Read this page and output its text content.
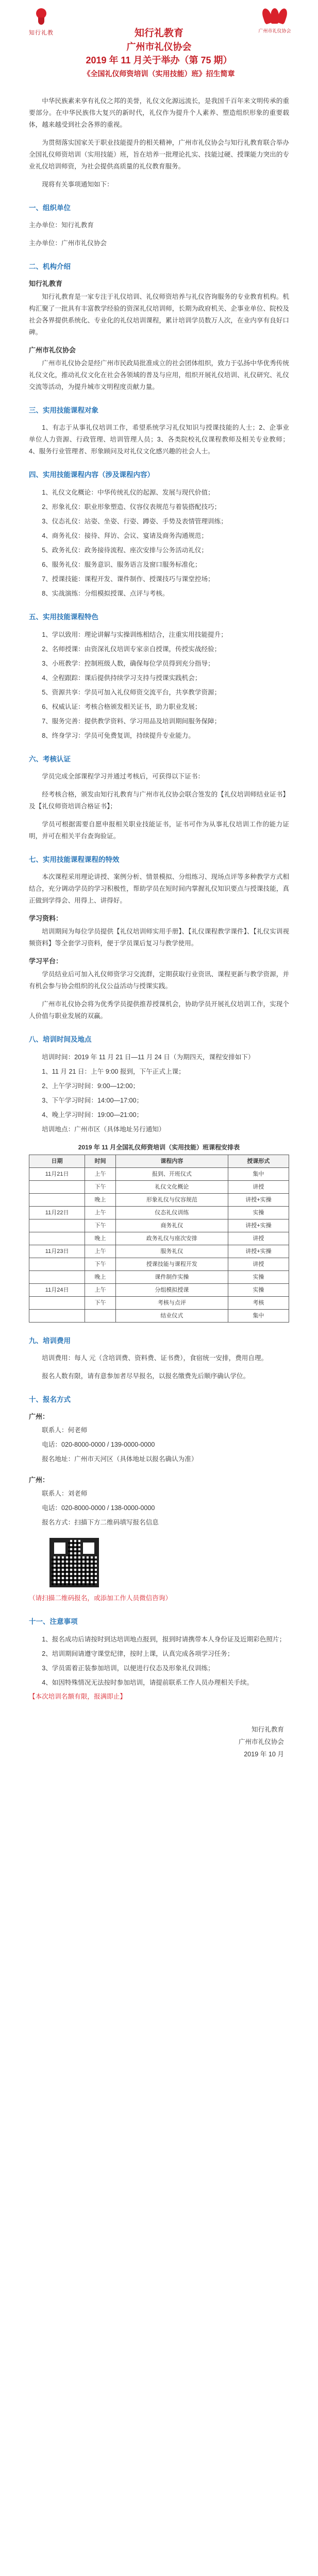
知行礼教	广州市礼仪协会
知行礼教育
广州市礼仪协会
2019 年 11 月关于举办（第 75 期）
《全国礼仪师资培训（实用技能）班》招生简章

中华民族素来享有礼仪之邦的美誉，礼仪文化源远流长，是我国千百年来文明传承的重要部分。在中华民族伟大复兴的新时代，礼仪作为提升个人素养、塑造组织形象的重要载体，越来越受到社会各界的重视。

为贯彻落实国家关于职业技能提升的相关精神，广州市礼仪协会与知行礼教育联合举办全国礼仪师资培训（实用技能）班，旨在培养一批理论扎实、技能过硬、授课能力突出的专业礼仪培训师资，为社会提供高质量的礼仪教育服务。

现将有关事项通知如下：

一、组织单位

主办单位：知行礼教育

主办单位：广州市礼仪协会

二、机构介绍
知行礼教育

知行礼教育是一家专注于礼仪培训、礼仪师资培养与礼仪咨询服务的专业教育机构。机构汇聚了一批具有丰富教学经验的资深礼仪培训师，长期为政府机关、企事业单位、院校及社会各界提供系统化、专业化的礼仪培训课程，累计培训学员数万人次，在业内享有良好口碑。

广州市礼仪协会

广州市礼仪协会是经广州市民政局批准成立的社会团体组织，致力于弘扬中华优秀传统礼仪文化，推动礼仪文化在社会各领域的普及与应用，组织开展礼仪培训、礼仪研究、礼仪交流等活动，为提升城市文明程度贡献力量。

三、实用技能课程对象

1、有志于从事礼仪培训工作，希望系统学习礼仪知识与授课技能的人士；2、企事业单位人力资源、行政管理、培训管理人员；3、各类院校礼仪课程教师及相关专业教师；4、服务行业管理者、形象顾问及对礼仪文化感兴趣的社会人士。

四、实用技能课程内容（涉及课程内容）
1、礼仪文化概论：中华传统礼仪的起源、发展与现代价值；
2、形象礼仪：职业形象塑造、仪容仪表规范与着装搭配技巧；
3、仪态礼仪：站姿、坐姿、行姿、蹲姿、手势及表情管理训练；
4、商务礼仪：接待、拜访、会议、宴请及商务沟通规范；
5、政务礼仪：政务接待流程、座次安排与公务活动礼仪；
6、服务礼仪：服务意识、服务语言及窗口服务标准化；
7、授课技能：课程开发、课件制作、授课技巧与课堂控场；
8、实战演练：分组模拟授课、点评与考核。
五、实用技能课程特色
1、学以致用：理论讲解与实操训练相结合，注重实用技能提升；
2、名师授课：由资深礼仪培训专家亲自授课，传授实战经验；
3、小班教学：控制班级人数，确保每位学员得到充分指导；
4、全程跟踪：课后提供持续学习支持与授课实践机会；
5、资源共享：学员可加入礼仪师资交流平台，共享教学资源；
6、权威认证：考核合格颁发相关证书，助力职业发展；
7、服务完善：提供教学资料、学习用品及培训期间服务保障；
8、终身学习：学员可免费复训，持续提升专业能力。
六、考核认证

学员完成全部课程学习并通过考核后，可获得以下证书：

经考核合格，颁发由知行礼教育与广州市礼仪协会联合签发的【礼仪培训师结业证书】及【礼仪师资培训合格证书】；

学员可根据需要自愿申报相关职业技能证书，证书可作为从事礼仪培训工作的能力证明，并可在相关平台查询验证。

七、实用技能课程课程的特效

本次课程采用理论讲授、案例分析、情景模拟、分组练习、现场点评等多种教学方式相结合，充分调动学员的学习积极性，帮助学员在短时间内掌握礼仪知识要点与授课技能，真正做到学得会、用得上、讲得好。

学习资料：

培训期间为每位学员提供【礼仪培训师实用手册】、【礼仪课程教学课件】、【礼仪实训视频资料】等全套学习资料，便于学员课后复习与教学使用。

学习平台：

学员结业后可加入礼仪师资学习交流群，定期获取行业资讯、课程更新与教学资源，并有机会参与协会组织的礼仪公益活动与授课实践。

广州市礼仪协会将为优秀学员提供推荐授课机会，协助学员开展礼仪培训工作，实现个人价值与职业发展的双赢。

八、培训时间及地点
培训时间：2019 年 11 月 21 日—11 月 24 日（为期四天，课程安排如下）
1、11 月 21 日：上午 9:00 报到，下午正式上课；
2、上午学习时间：9:00—12:00；
3、下午学习时间：14:00—17:00；
4、晚上学习时间：19:00—21:00；
培训地点：广州市区（具体地址另行通知）
2019 年 11 月全国礼仪师资培训（实用技能）班课程安排表
日期	时间	课程内容	授课形式
11月21日	上午	报到、开班仪式	集中
	下午	礼仪文化概论	讲授
	晚上	形象礼仪与仪容规范	讲授+实操
11月22日	上午	仪态礼仪训练	实操
	下午	商务礼仪	讲授+实操
	晚上	政务礼仪与座次安排	讲授
11月23日	上午	服务礼仪	讲授+实操
	下午	授课技能与课程开发	讲授
	晚上	课件制作实操	实操
11月24日	上午	分组模拟授课	实操
	下午	考核与点评	考核
		结业仪式	集中
九、培训费用

培训费用：每人 元（含培训费、资料费、证书费），食宿统一安排，费用自理。

报名人数有限，请有意参加者尽早报名，以报名缴费先后顺序确认学位。

十、报名方式
广州：
联系人：何老师
电话：020-8000-0000 / 139-0000-0000
报名地址：广州市天河区（具体地址以报名确认为准）
广州：
联系人：刘老师
电话：020-8000-0000 / 138-0000-0000
报名方式：扫描下方二维码填写报名信息

（请扫描二维码报名，或添加工作人员微信咨询）

十一、注意事项
1、报名成功后请按时到达培训地点报到，报到时请携带本人身份证及近期彩色照片；
2、培训期间请遵守课堂纪律，按时上课，认真完成各项学习任务；
3、学员需着正装参加培训，以便进行仪态及形象礼仪训练；
4、如因特殊情况无法按时参加培训，请提前联系工作人员办理相关手续。

【本次培训名额有限，报满即止】

知行礼教育
广州市礼仪协会
2019 年 10 月
